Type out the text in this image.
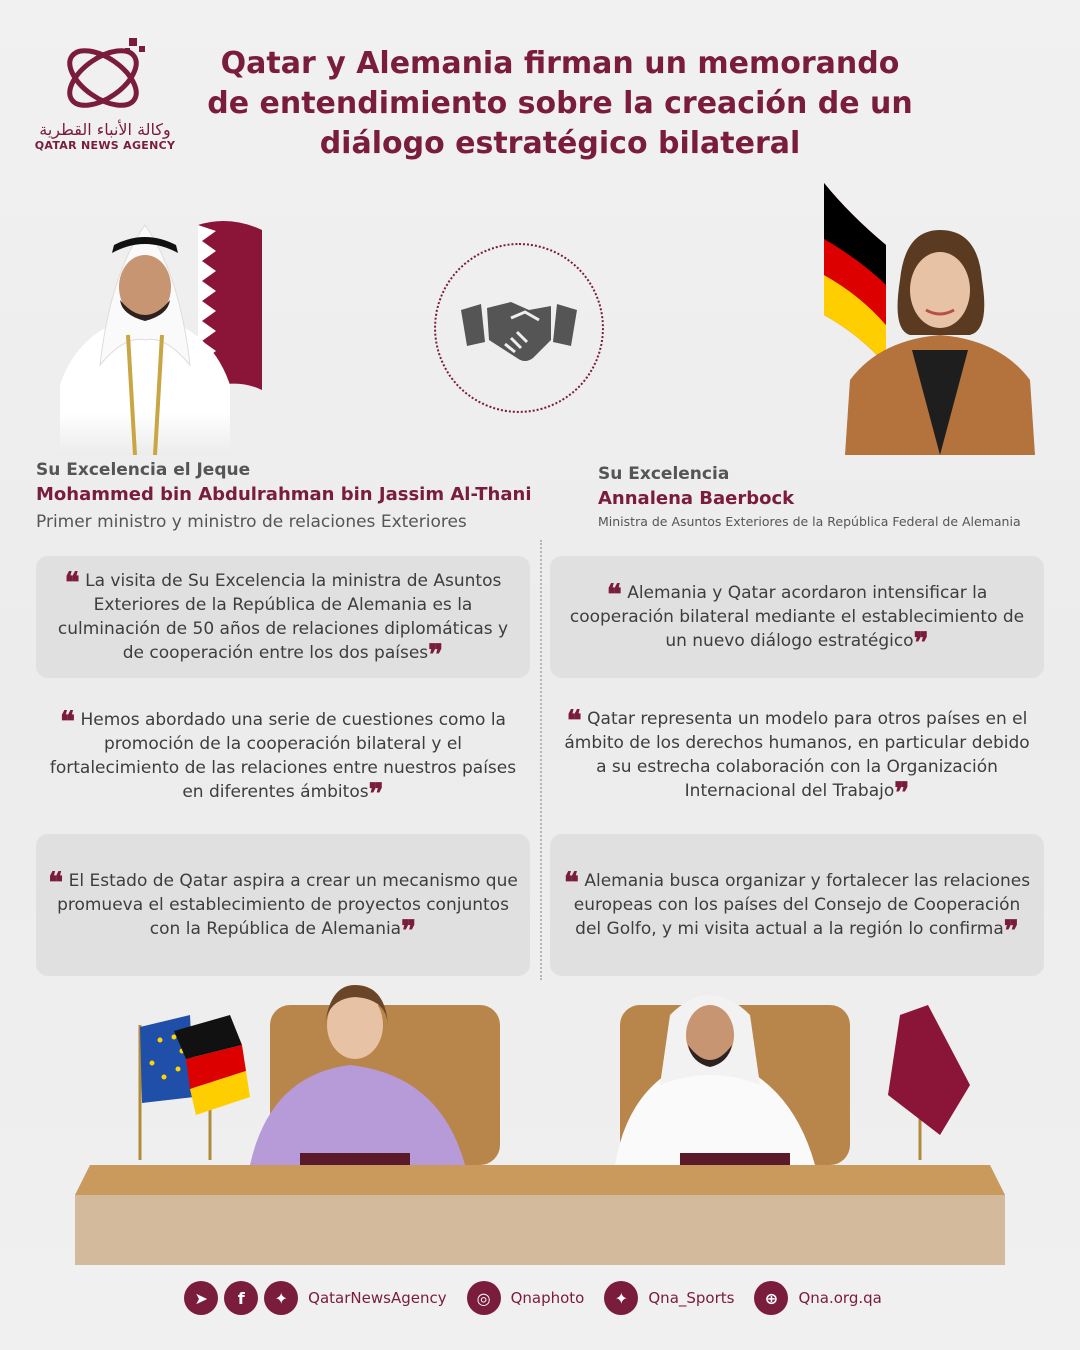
وكالة الأنباء القطرية
QATAR NEWS AGENCY
Qatar y Alemania firman un memorando de entendimiento sobre la creación de un diálogo estratégico bilateral
Su Excelencia el Jeque
Mohammed bin Abdulrahman bin Jassim Al-Thani
Primer ministro y ministro de relaciones Exteriores
Su Excelencia
Annalena Baerbock
Ministra de Asuntos Exteriores de la República Federal de Alemania

❝ La visita de Su Excelencia la ministra de Asuntos Exteriores de la República de Alemania es la culminación de 50 años de relaciones diplomáticas y de cooperación entre los dos países❞

❝ Alemania y Qatar acordaron intensificar la cooperación bilateral mediante el establecimiento de un nuevo diálogo estratégico❞

❝ Hemos abordado una serie de cuestiones como la promoción de la cooperación bilateral y el fortalecimiento de las relaciones entre nuestros países en diferentes ámbitos❞

❝ Qatar representa un modelo para otros países en el ámbito de los derechos humanos, en particular debido a su estrecha colaboración con la Organización Internacional del Trabajo❞

❝ El Estado de Qatar aspira a crear un mecanismo que promueva el establecimiento de proyectos conjuntos con la República de Alemania❞

❝ Alemania busca organizar y fortalecer las relaciones europeas con los países del Consejo de Cooperación del Golfo, y mi visita actual a la región lo confirma❞

➤	f	✦	QatarNewsAgency	◎	Qnaphoto	✦	Qna_Sports	⊕	Qna.org.qa
